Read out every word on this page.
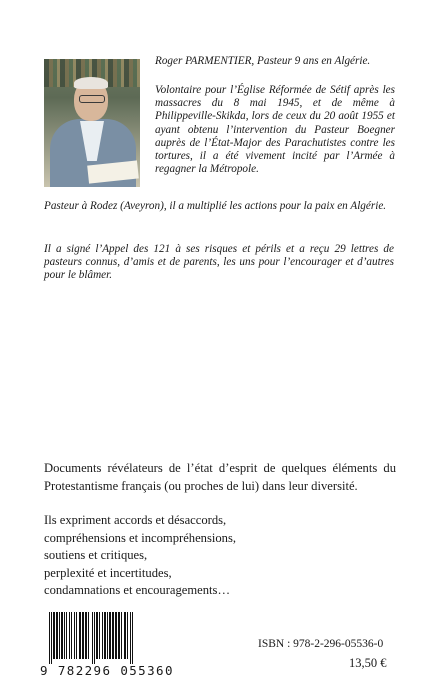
Roger PARMENTIER, Pasteur 9 ans en Algérie.
Volontaire pour l’Église Réformée de Sétif après les massacres du 8 mai 1945, et de même à Philippeville-Skikda, lors de ceux du 20 août 1955 et ayant obtenu l’intervention du Pasteur Boegner auprès de l’État-Major des Parachutistes contre les tortures, il a été vivement incité par l’Armée à regagner la Métropole.
Pasteur à Rodez (Aveyron), il a multiplié les actions pour la paix en Algérie.
Il a signé l’Appel des 121 à ses risques et périls et a reçu 29 lettres de pasteurs connus, d’amis et de parents, les uns pour l’encourager et d’autres pour le blâmer.

Documents révélateurs de l’état d’esprit de quelques éléments du Protestantisme français (ou proches de lui) dans leur diversité.

Ils expriment accords et désaccords,
compréhensions et incompréhensions,
soutiens et critiques,
perplexité et incertitudes,
condamnations et encouragements…
9 782296 055360
ISBN : 978-2-296-05536-0
13,50 €
